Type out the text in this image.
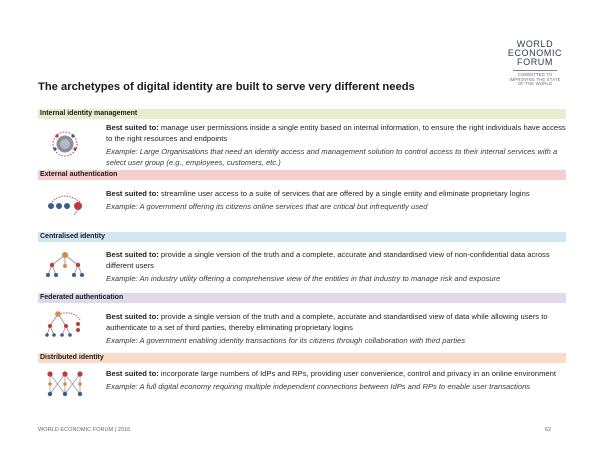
The archetypes of digital identity are built to serve very different needs
WORLD
ECONOMIC
FORUM
COMMITTED TO
IMPROVING THE STATE
OF THE WORLD
Internal identity management
Best suited to: manage user permissions inside a single entity based on internal information, to ensure the right individuals have access to the right resources and endpoints
Example: Large Organisations that need an identity access and management solution to control access to their internal services with a select user group (e.g., employees, customers, etc.)
External authentication
Best suited to: streamline user access to a suite of services that are offered by a single entity and eliminate proprietary logins
Example: A government offering its citizens online services that are critical but infrequently used
Centralised identity
Best suited to: provide a single version of the truth and a complete, accurate and standardised view of non-confidential data across different users
Example: An industry utility offering a comprehensive view of the entities in that industry to manage risk and exposure
Federated authentication
Best suited to: provide a single version of the truth and a complete, accurate and standardised view of data while allowing users to authenticate to a set of third parties, thereby eliminating proprietary logins
Example: A government enabling identity transactions for its citizens through collaboration with third parties
Distributed identity
Best suited to: incorporate large numbers of IdPs and RPs, providing user convenience, control and privacy in an online environment
Example: A full digital economy requiring multiple independent connections between IdPs and RPs to enable user transactions
WORLD ECONOMIC FORUM | 2016	62
